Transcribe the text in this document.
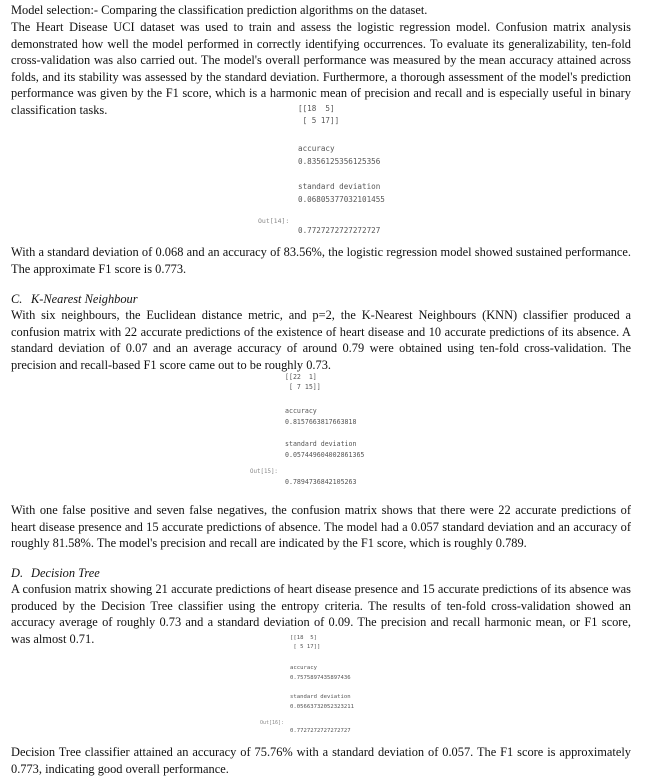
Model selection:- Comparing the classification prediction algorithms on the dataset.

The Heart Disease UCI dataset was used to train and assess the logistic regression model. Confusion matrix analysis demonstrated how well the model performed in correctly identifying occurrences. To evaluate its generalizability, ten-fold cross-validation was also carried out. The model's overall performance was measured by the mean accuracy attained across folds, and its stability was assessed by the standard deviation. Furthermore, a thorough assessment of the model's prediction performance was given by the F1 score, which is a harmonic mean of precision and recall and is especially useful in binary classification tasks.	[[18  5]
[ 5 17]]
accuracy
0.8356125356125356
standard deviation
0.06805377032101455
Out[14]:
0.7727272727272727

With a standard deviation of 0.068 and an accuracy of 83.56%, the logistic regression model showed sustained performance. The approximate F1 score is 0.773.

C. K-Nearest Neighbour

With six neighbours, the Euclidean distance metric, and p=2, the K-Nearest Neighbours (KNN) classifier produced a confusion matrix with 22 accurate predictions of the existence of heart disease and 10 accurate predictions of its absence. A standard deviation of 0.07 and an average accuracy of around 0.79 were obtained using ten-fold cross-validation. The precision and recall-based F1 score came out to be roughly 0.73.

[[22  1]
[ 7 15]]
accuracy
0.8157663817663818
standard deviation
0.057449604002861365
Out[15]:
0.7894736842105263

With one false positive and seven false negatives, the confusion matrix shows that there were 22 accurate predictions of heart disease presence and 15 accurate predictions of absence. The model had a 0.057 standard deviation and an accuracy of roughly 81.58%. The model's precision and recall are indicated by the F1 score, which is roughly 0.789.

D. Decision Tree

A confusion matrix showing 21 accurate predictions of heart disease presence and 15 accurate predictions of its absence was produced by the Decision Tree classifier using the entropy criteria. The results of ten-fold cross-validation showed an accuracy average of roughly 0.73 and a standard deviation of 0.09. The precision and recall harmonic mean, or F1 score, was almost 0.71.	[[18  5]
[ 5 17]]
accuracy
0.7575897435897436
standard deviation
0.05663732052323211
Out[16]:
0.7727272727272727

Decision Tree classifier attained an accuracy of 75.76% with a standard deviation of 0.057. The F1 score is approximately 0.773, indicating good overall performance.
